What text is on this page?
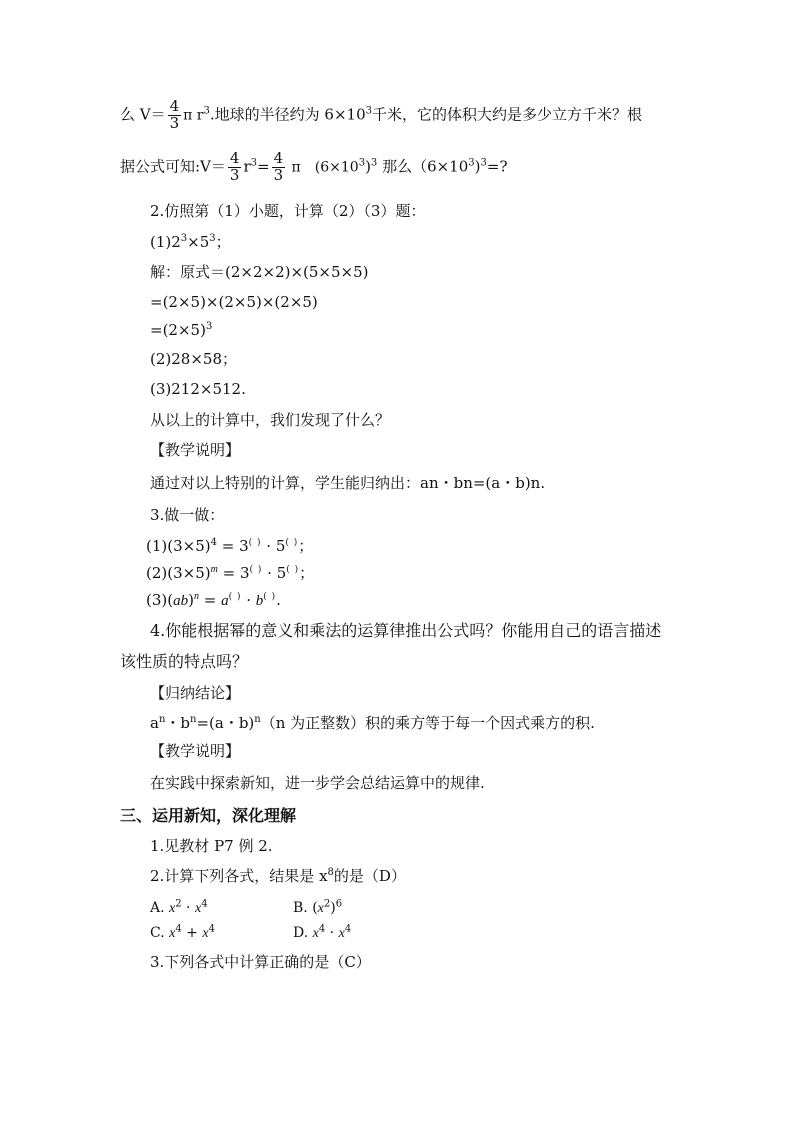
么 $V= \frac{4}{3}$ π $r^3$.地球的半径约为 $6\times 10^3$千米，它的体积大约是多少立方千米？根
据公式可知:V＝ $\frac{4}{3} r^3= \frac{4}{3}$ π　$(6\times 10^3)^3$ 那么$(6\times 10^3)^3=$?
2.仿照第（1）小题，计算（2）（3）题：
$(1)2^3\times 5^3$；
解：原式＝(2×2×2)×(5×5×5)
=(2×5)×(2×5)×(2×5)
$=(2\times 5)^3$
(2)28×58；
(3)212×512.
从以上的计算中，我们发现了什么？
【教学说明】
通过对以上特别的计算，学生能归纳出：an・bn=(a・b)n.
3.做一做：
$(1)(3\times 5)^4 = 3^{( )} \cdot 5^{( )}$；
$(2)(3\times 5)^m = 3^{( )} \cdot 5^{( )}$；
(3)(ab)$^n$ = a( ) · b( ).
4.你能根据幂的意义和乘法的运算律推出公式吗？你能用自己的语言描述
该性质的特点吗？
【归纳结论】
$a^n$・$b^n=(a$・b)$^n$（n 为正整数）积的乘方等于每一个因式乘方的积.
【教学说明】
在实践中探索新知，进一步学会总结运算中的规律.
三、运用新知，深化理解
1.见教材 P7 例 2.
2.计算下列各式，结果是 $x^8$的是（D）
A. $x^2 \cdot x^4$	B. $(x^2)^6$
C. $x^4 + x^4$	D. $x^4 \cdot x^4$
3.下列各式中计算正确的是（C）
